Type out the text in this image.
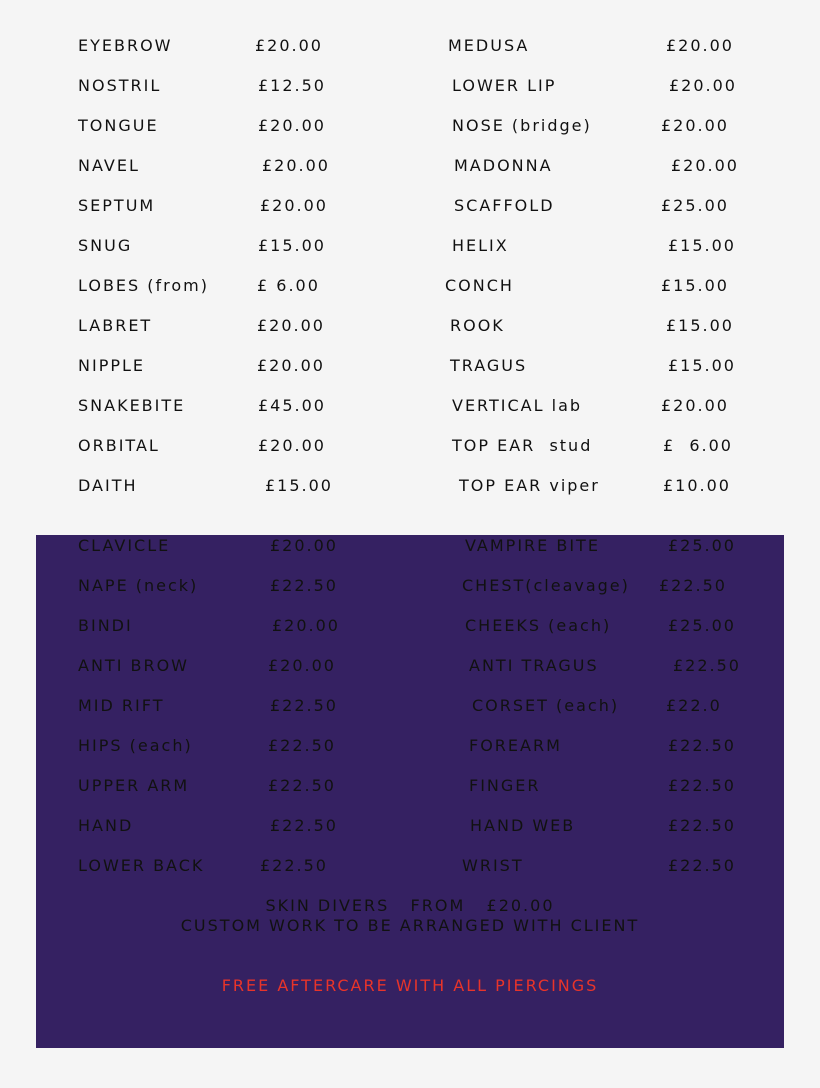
EYEBROW	£20.00
NOSTRIL	£12.50
TONGUE	£20.00
NAVEL	£20.00
SEPTUM	£20.00
SNUG	£15.00
LOBES (from)	£ 6.00
LABRET	£20.00
NIPPLE	£20.00
SNAKEBITE	£45.00
ORBITAL	£20.00
DAITH	£15.00
MEDUSA	£20.00
LOWER LIP	£20.00
NOSE (bridge)	£20.00
MADONNA	£20.00
SCAFFOLD	£25.00
HELIX	£15.00
CONCH	£15.00
ROOK	£15.00
TRAGUS	£15.00
VERTICAL lab	£20.00
TOP EAR  stud	£  6.00
TOP EAR viper	£10.00
CLAVICLE	£20.00
NAPE (neck)	£22.50
BINDI	£20.00
ANTI BROW	£20.00
MID RIFT	£22.50
HIPS (each)	£22.50
UPPER ARM	£22.50
HAND	£22.50
LOWER BACK	£22.50
VAMPIRE BITE	£25.00
CHEST(cleavage) £22.50
CHEEKS (each)	£25.00
ANTI TRAGUS	£22.50
CORSET (each)	£22.0
FOREARM	£22.50
FINGER	£22.50
HAND WEB	£22.50
WRIST	£22.50
SKIN DIVERS   FROM   £20.00
CUSTOM WORK TO BE ARRANGED WITH CLIENT
FREE AFTERCARE WITH ALL PIERCINGS
